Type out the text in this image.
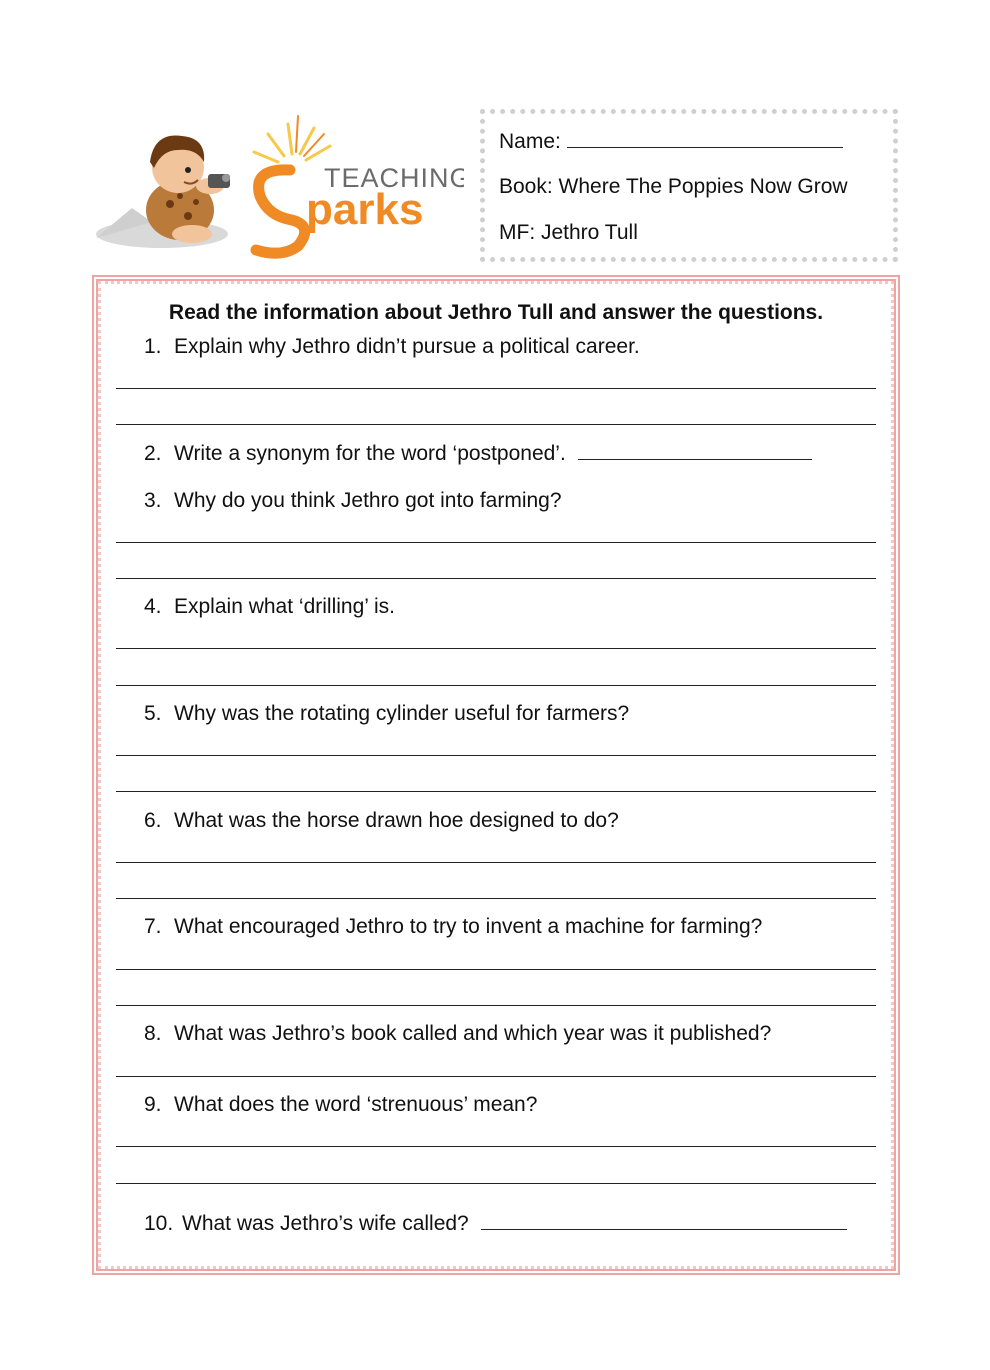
TEACHING
parks
Name:
Book: Where The Poppies Now Grow
MF: Jethro Tull
Read the information about Jethro Tull and answer the questions.
1. Explain why Jethro didn’t pursue a political career.
2. Write a synonym for the word ‘postponed’.
3. Why do you think Jethro got into farming?
4. Explain what ‘drilling’ is.
5. Why was the rotating cylinder useful for farmers?
6. What was the horse drawn hoe designed to do?
7. What encouraged Jethro to try to invent a machine for farming?
8. What was Jethro’s book called and which year was it published?
9. What does the word ‘strenuous’ mean?
10. What was Jethro’s wife called?
